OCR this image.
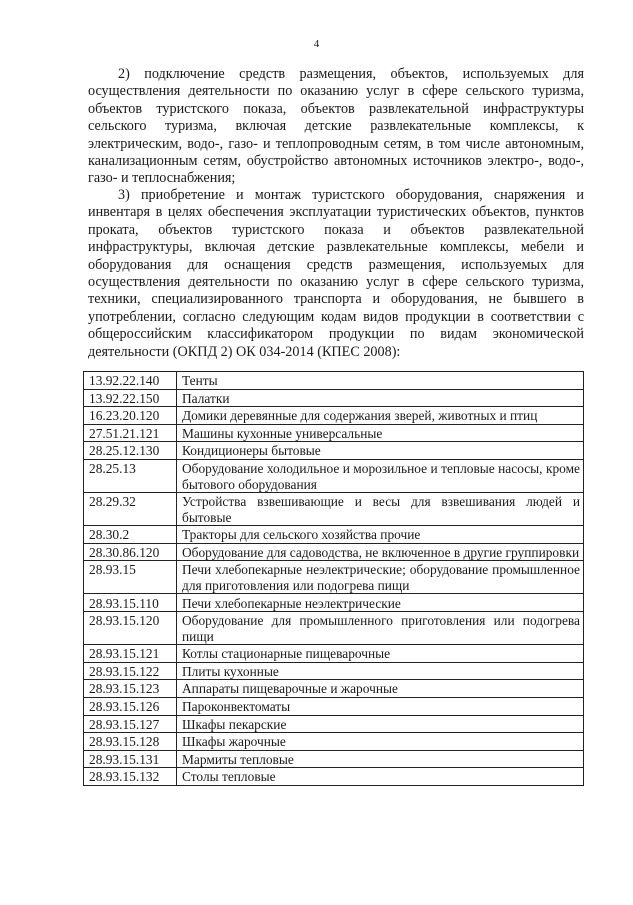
4

2) подключение средств размещения, объектов, используемых для осуществления деятельности по оказанию услуг в сфере сельского туризма, объектов туристского показа, объектов развлекательной инфраструктуры сельского туризма, включая детские развлекательные комплексы, к электрическим, водо-, газо- и теплопроводным сетям, в том числе автономным, канализационным сетям, обустройство автономных источников электро-, водо-, газо- и теплоснабжения;

3) приобретение и монтаж туристского оборудования, снаряжения и инвентаря в целях обеспечения эксплуатации туристических объектов, пунктов проката, объектов туристского показа и объектов развлекательной инфраструктуры, включая детские развлекательные комплексы, мебели и оборудования для оснащения средств размещения, используемых для осуществления деятельности по оказанию услуг в сфере сельского туризма, техники, специализированного транспорта и оборудования, не бывшего в употреблении, согласно следующим кодам видов продукции в соответствии с общероссийским классификатором продукции по видам экономической деятельности (ОКПД 2) ОК 034-2014 (КПЕС 2008):

13.92.22.140	Тенты
13.92.22.150	Палатки
16.23.20.120	Домики деревянные для содержания зверей, животных и птиц
27.51.21.121	Машины кухонные универсальные
28.25.12.130	Кондиционеры бытовые
28.25.13	Оборудование холодильное и морозильное и тепловые насосы, кроме бытового оборудования
28.29.32	Устройства взвешивающие и весы для взвешивания людей и бытовые
28.30.2	Тракторы для сельского хозяйства прочие
28.30.86.120	Оборудование для садоводства, не включенное в другие группировки
28.93.15	Печи хлебопекарные неэлектрические; оборудование промышленное для приготовления или подогрева пищи
28.93.15.110	Печи хлебопекарные неэлектрические
28.93.15.120	Оборудование для промышленного приготовления или подогрева пищи
28.93.15.121	Котлы стационарные пищеварочные
28.93.15.122	Плиты кухонные
28.93.15.123	Аппараты пищеварочные и жарочные
28.93.15.126	Пароконвектоматы
28.93.15.127	Шкафы пекарские
28.93.15.128	Шкафы жарочные
28.93.15.131	Мармиты тепловые
28.93.15.132	Столы тепловые
